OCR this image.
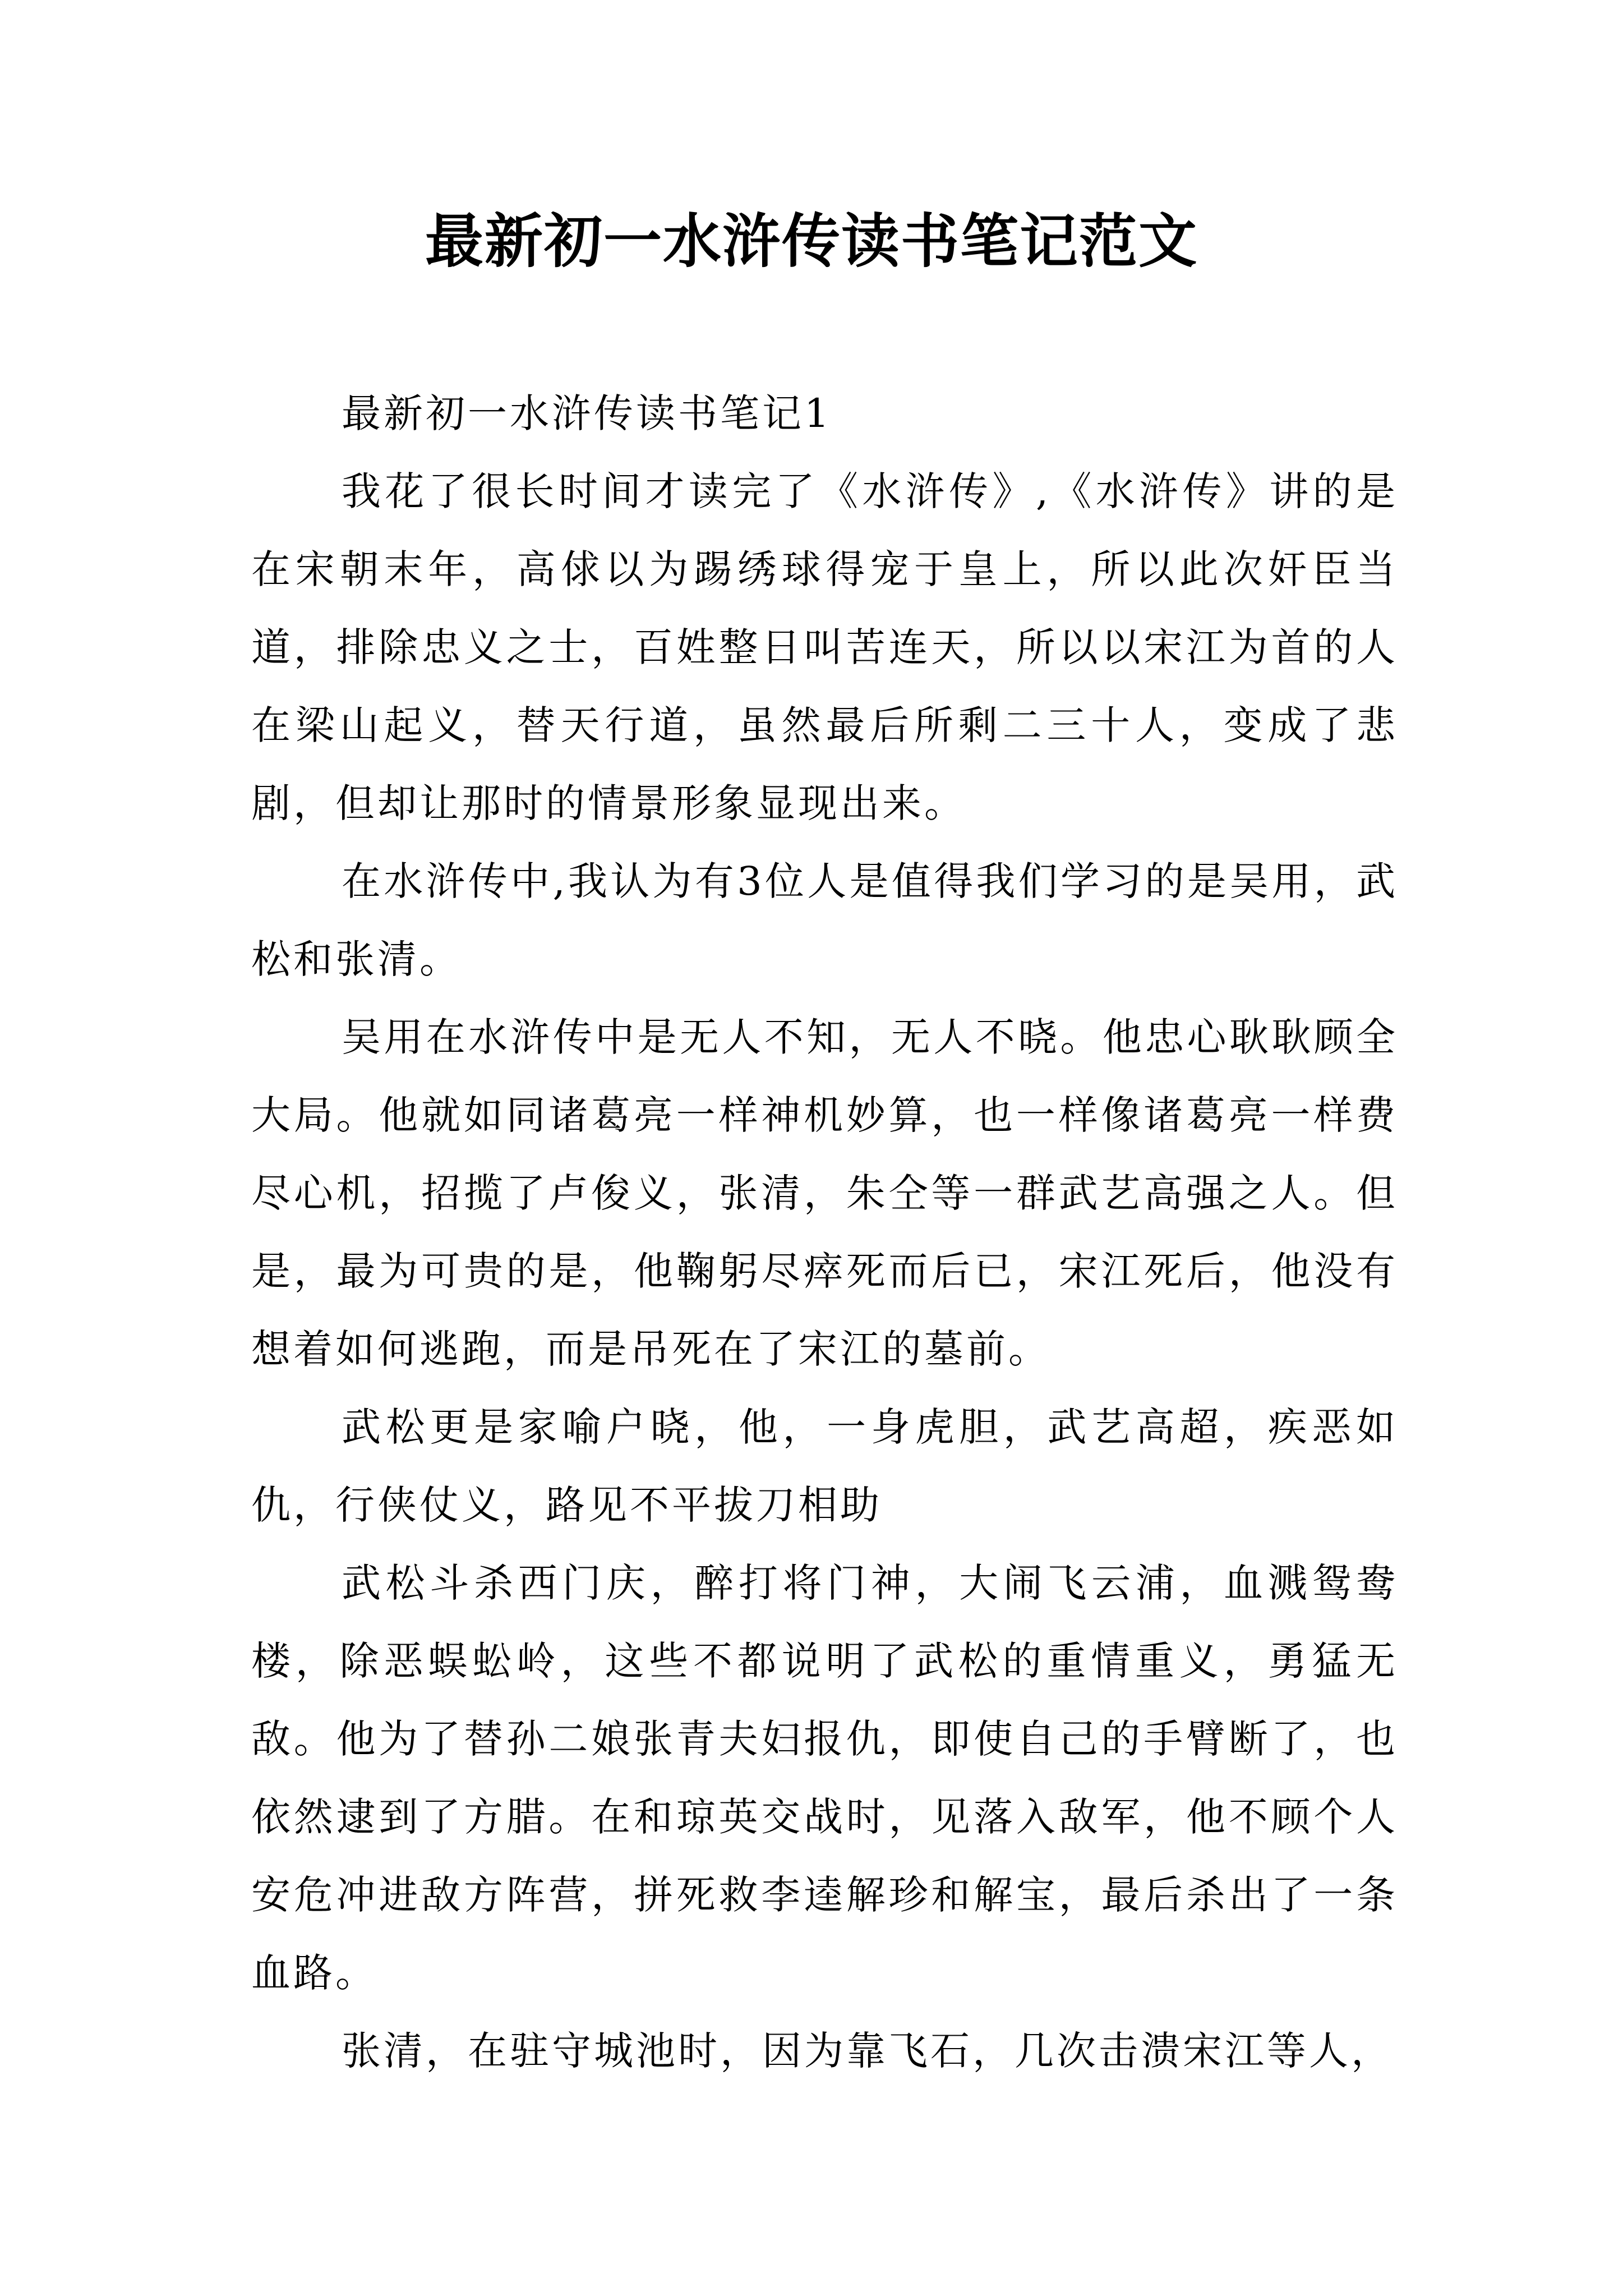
最新初一水浒传读书笔记范文

最新初一水浒传读书笔记1

我花了很长时间才读完了《水浒传》,《水浒传》讲的是在宋朝末年，高俅以为踢绣球得宠于皇上，所以此次奸臣当道，排除忠义之士，百姓整日叫苦连天，所以以宋江为首的人在梁山起义，替天行道，虽然最后所剩二三十人，变成了悲剧，但却让那时的情景形象显现出来。

在水浒传中,我认为有3位人是值得我们学习的是吴用，武松和张清。

吴用在水浒传中是无人不知，无人不晓。他忠心耿耿顾全大局。他就如同诸葛亮一样神机妙算，也一样像诸葛亮一样费尽心机，招揽了卢俊义，张清，朱仝等一群武艺高强之人。但是，最为可贵的是，他鞠躬尽瘁死而后已，宋江死后，他没有想着如何逃跑，而是吊死在了宋江的墓前。

武松更是家喻户晓，他，一身虎胆，武艺高超，疾恶如仇，行侠仗义，路见不平拔刀相助

武松斗杀西门庆，醉打将门神，大闹飞云浦，血溅鸳鸯楼，除恶蜈蚣岭，这些不都说明了武松的重情重义，勇猛无敌。他为了替孙二娘张青夫妇报仇，即使自己的手臂断了，也依然逮到了方腊。在和琼英交战时，见落入敌军，他不顾个人安危冲进敌方阵营，拼死救李逵解珍和解宝，最后杀出了一条血路。

张清，在驻守城池时，因为靠飞石，几次击溃宋江等人，
